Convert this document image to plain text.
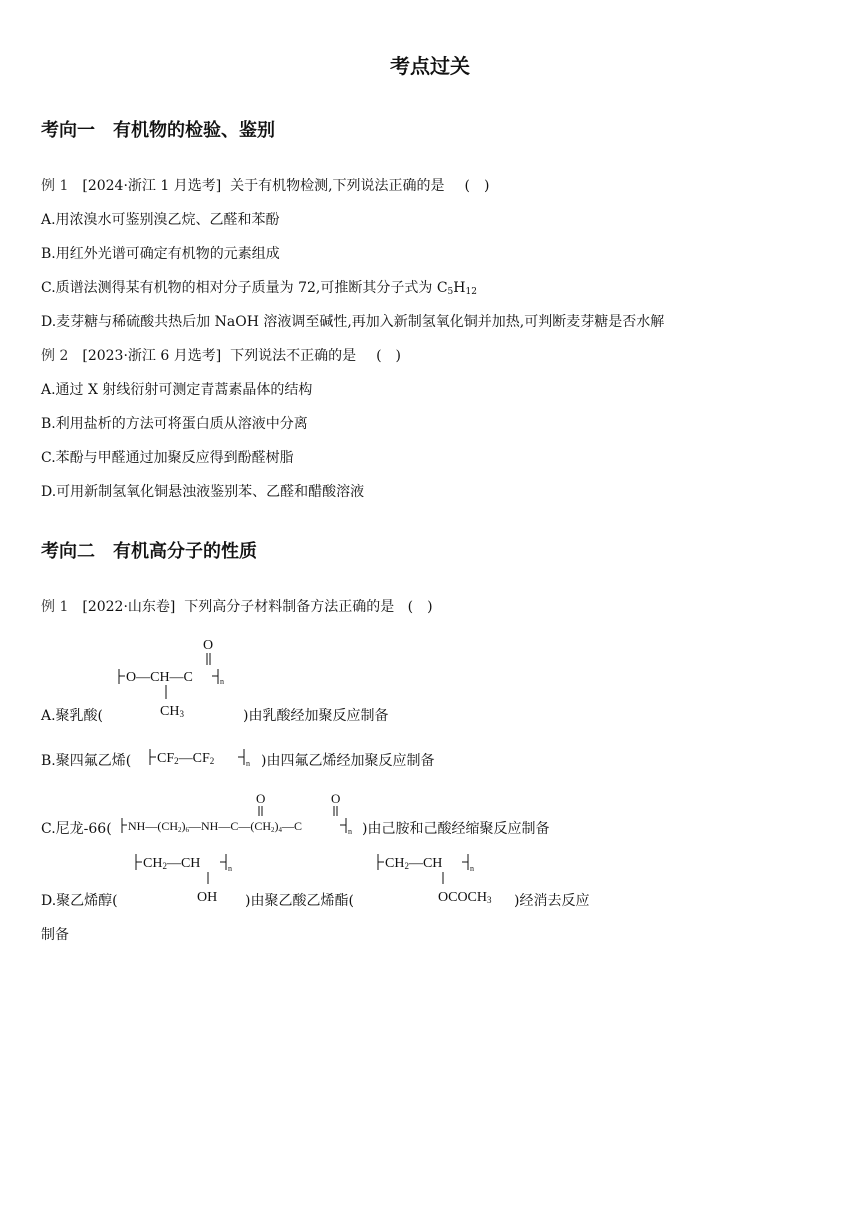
考点过关
考向一　有机物的检验、鉴别
例 1 [2024·浙江 1 月选考] 关于有机物检测,下列说法正确的是 (　)
A.用浓溴水可鉴别溴乙烷、乙醛和苯酚
B.用红外光谱可确定有机物的元素组成
C.质谱法测得某有机物的相对分子质量为 72,可推断其分子式为 $C_5H_{12}$
D.麦芽糖与稀硫酸共热后加 NaOH 溶液调至碱性,再加入新制氢氧化铜并加热,可判断麦芽糖是否水解
例 2 [2023·浙江 6 月选考] 下列说法不正确的是 (　)
A.通过 X 射线衍射可测定青蒿素晶体的结构
B.利用盐析的方法可将蛋白质从溶液中分离
C.苯酚与甲醛通过加聚反应得到酚醛树脂
D.可用新制氢氧化铜悬浊液鉴别苯、乙醛和醋酸溶液
考向二　有机高分子的性质
例 1 [2022·山东卷] 下列高分子材料制备方法正确的是 (　)
O
O—CH—C	n
CH3
A.聚乳酸(	)由乳酸经加聚反应制备
B.聚四氟乙烯( CF2—CF2	n )由四氟乙烯经加聚反应制备
C.尼龙-66(
O	O
NH—(CH2)6—NH—C—(CH2)4—C	n )由己胺和己酸经缩聚反应制备
CH2—CH	n
OH
D.聚乙烯醇(	)由聚乙酸乙烯酯(
CH2—CH	n
OCOCH3 )经消去反应
制备
